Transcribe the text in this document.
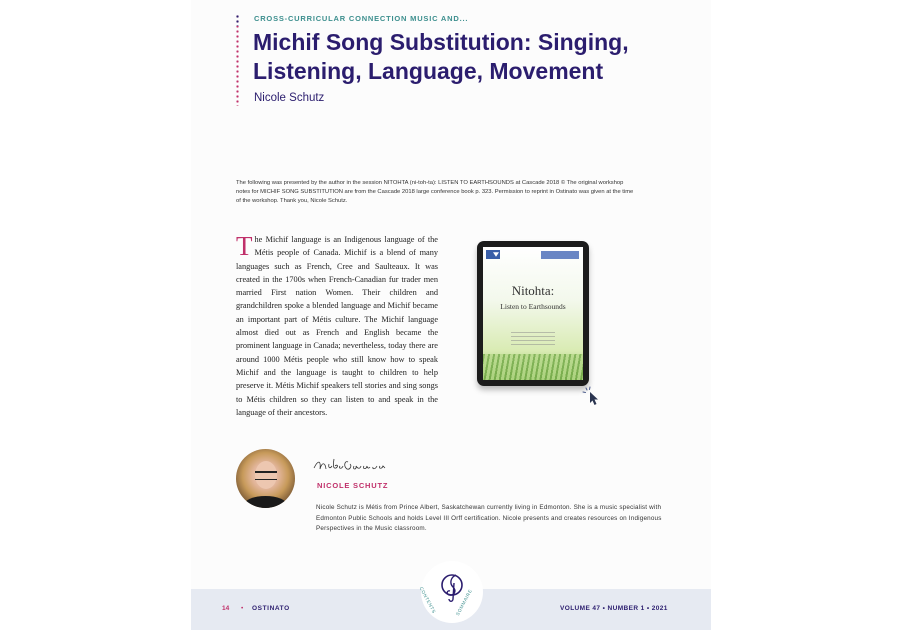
CROSS-CURRICULAR CONNECTION MUSIC AND...
Michif Song Substitution: Singing, Listening, Language, Movement
Nicole Schutz
The following was presented by the author in the session NITOHTA (ni-toh-ta): LISTEN TO EARTHSOUNDS at Cascade 2018 © The original workshop notes for MICHIF SONG SUBSTITUTION are from the Cascade 2018 large conference book p. 323. Permission to reprint in Ostinato was given at the time of the workshop. Thank you, Nicole Schutz.
The Michif language is an Indigenous language of the Métis people of Canada. Michif is a blend of many languages such as French, Cree and Saulteaux. It was created in the 1700s when French-Canadian fur trader men married First nation Women. Their children and grandchildren spoke a blended language and Michif became an important part of Métis culture. The Michif language almost died out as French and English became the prominent language in Canada; nevertheless, today there are around 1000 Métis people who still know how to speak Michif and the language is taught to children to help preserve it. Métis Michif speakers tell stories and sing songs to Métis children so they can listen to and speak in the language of their ancestors.
Nitohta:
Listen to Earthsounds
NICOLE SCHUTZ
Nicole Schutz is Métis from Prince Albert, Saskatchewan currently living in Edmonton. She is a music specialist with Edmonton Public Schools and holds Level III Orff certification. Nicole presents and creates resources on Indigenous Perspectives in the Music classroom.
14 • OSTINATO	VOLUME 47 • NUMBER 1 • 2021
CONTENTS	SOMMAIRE
